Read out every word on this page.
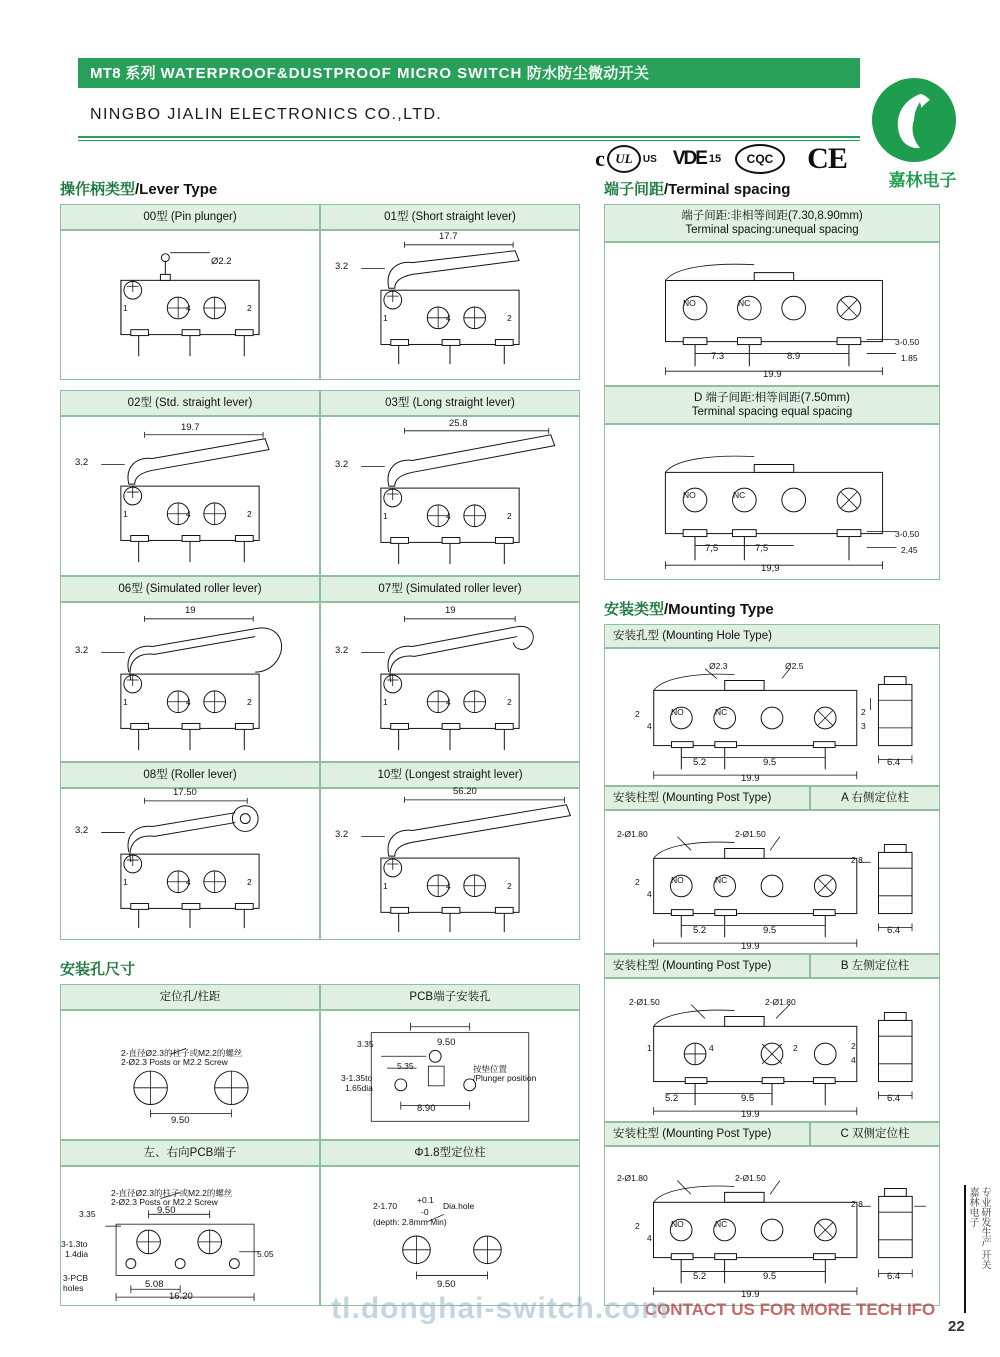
MT8 系列 WATERPROOF&DUSTPROOF MICRO SWITCH 防水防尘微动开关
NINGBO JIALIN ELECTRONICS CO.,LTD.
c UL	US VDE 15	CQC	CE
嘉林电子
操作柄类型/Lever Type
00型 (Pin plunger)	01型 (Short straight lever)
Ø2.2
1	4	2
17.7
3.2
1	4	2
02型 (Std. straight lever)	03型 (Long straight lever)
19.7
3.2
1	4	2
25.8
3.2
1	4	2
06型 (Simulated roller lever)	07型 (Simulated roller lever)
19
3.2
1	4	2
19
3.2
1	4	2
08型 (Roller lever)	10型 (Longest straight lever)
17.50
3.2
1	4	2
56.20
3.2
1	4	2
安装孔尺寸
定位孔/柱距	PCB端子安装孔
2-直径Ø2.3的柱子或M2.2的螺丝
2-Ø2.3 Posts or M2.2 Screw
9.50
3.35	9.50
5.35
3-1.35to
1.65dia
按垫位置
/Plunger position
8.90
左、右向PCB端子	Φ1.8型定位柱
2-直径Ø2.3的柱子或M2.2的螺丝
2-Ø2.3 Posts or M2.2 Screw
3.35	9.50
3-1.3to
1.4dia	5.05
3-PCB
holes	5.08
16.20
2-1.70
+0.1
-0
Dia.hole
(depth: 2.8mm Min)
9.50
端子间距/Terminal spacing
端子间距:非相等间距(7.30,8.90mm)
Terminal spacing:unequal spacing
NO	NC
7.3	8.9
19.9
3-0.50
1.85
D 端子间距:相等间距(7.50mm)
Terminal spacing equal spacing
NO	NC
7,5	7,5
19,9
3-0.50
2,45
安装类型/Mounting Type
安装孔型 (Mounting Hole Type)
Ø2.3	Ø2.5
2
4
2
3
NO	NC
5.2	9.5
19.9
6.4
安装柱型 (Mounting Post Type)	A 右侧定位柱
2-Ø1.80	2-Ø1.50
2
4
NO	NC
2.8
5.2	9.5
19.9
6.4
安装柱型 (Mounting Post Type)	B 左侧定位柱
2-Ø1.50	2-Ø1.80
1	4	2	2
4
5.2	9.5
19.9
6.4
安装柱型 (Mounting Post Type)	C 双侧定位柱
2-Ø1.80	2-Ø1.50
2
4
NO	NC
2.8
5.2	9.5
19.9
6.4
CONTACT US FOR MORE TECH IFO
tl.donghai-switch.com
22
嘉林电子 专业研发生产 开关
